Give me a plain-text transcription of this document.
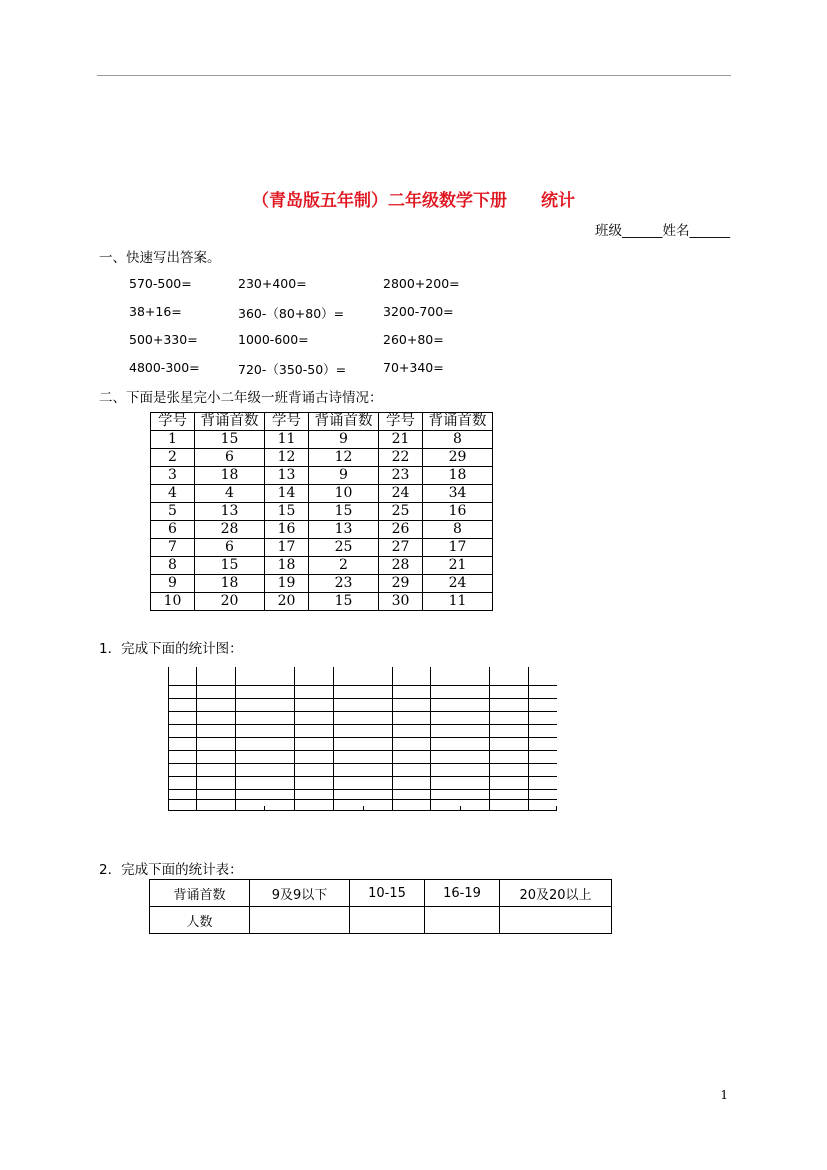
（青岛版五年制）二年级数学下册　　统计
班级______姓名______
一、快速写出答案。
570-500=	230+400=	2800+200=
38+16=	360-（80+80）=	3200-700=
500+330=	1000-600=	260+80=
4800-300=	720-（350-50）=	70+340=
二、下面是张星完小二年级一班背诵古诗情况：
学号	背诵首数	学号	背诵首数	学号	背诵首数
1	15	11	9	21	8
2	6	12	12	22	29
3	18	13	9	23	18
4	4	14	10	24	34
5	13	15	15	25	16
6	28	16	13	26	8
7	6	17	25	27	17
8	15	18	2	28	21
9	18	19	23	29	24
10	20	20	15	30	11
1．完成下面的统计图：
2．完成下面的统计表：
背诵首数	9及9以下	10-15	16-19	20及20以上
人数				
1
